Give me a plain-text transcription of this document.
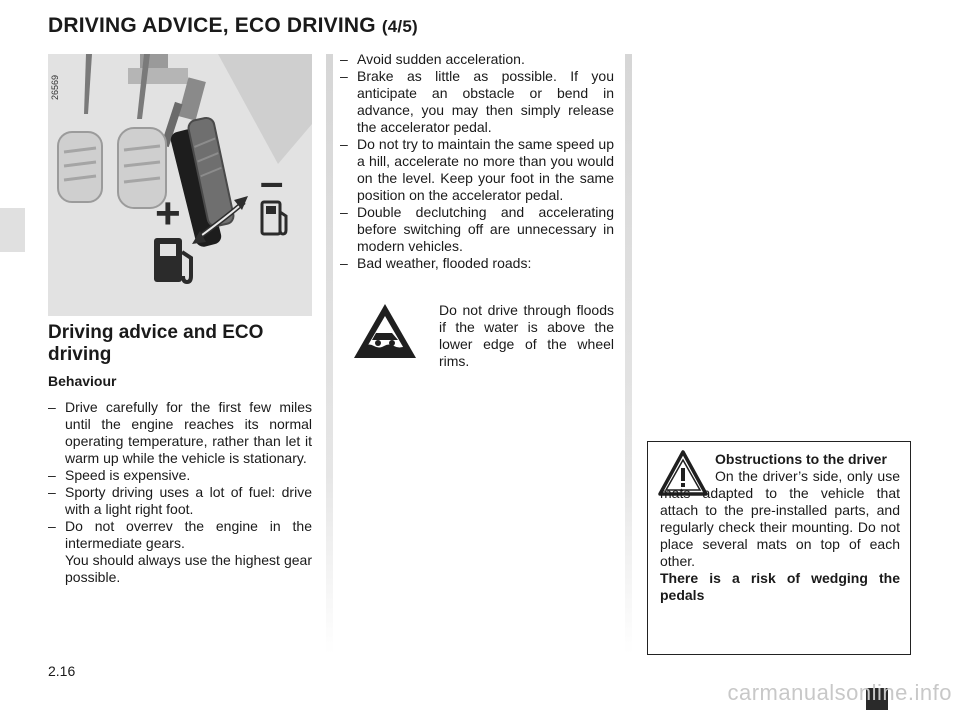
DRIVING ADVICE, ECO DRIVING (4/5)
26569
–
+
Driving advice and ECO driving
Behaviour
– Drive carefully for the first few miles until the engine reaches its normal operating temperature, rather than let it warm up while the vehicle is stationary.
– Speed is expensive.
– Sporty driving uses a lot of fuel: drive with a light right foot.
– Do not overrev the engine in the intermediate gears.
You should always use the highest gear possible.
– Avoid sudden acceleration.
– Brake as little as possible. If you anticipate an obstacle or bend in advance, you may then simply release the accelerator pedal.
– Do not try to maintain the same speed up a hill, accelerate no more than you would on the level. Keep your foot in the same position on the accelerator pedal.
– Double declutching and accelerating before switching off are unnecessary in modern vehicles.
– Bad weather, flooded roads:

Do not drive through floods if the water is above the lower edge of the wheel rims.

Obstructions to the driver

On the driver’s side, only use mats adapted to the vehicle that attach to the pre-installed parts, and regularly check their mounting. Do not place several mats on top of each other.

There is a risk of wedging the pedals

2.16

carmanualsonline.info
